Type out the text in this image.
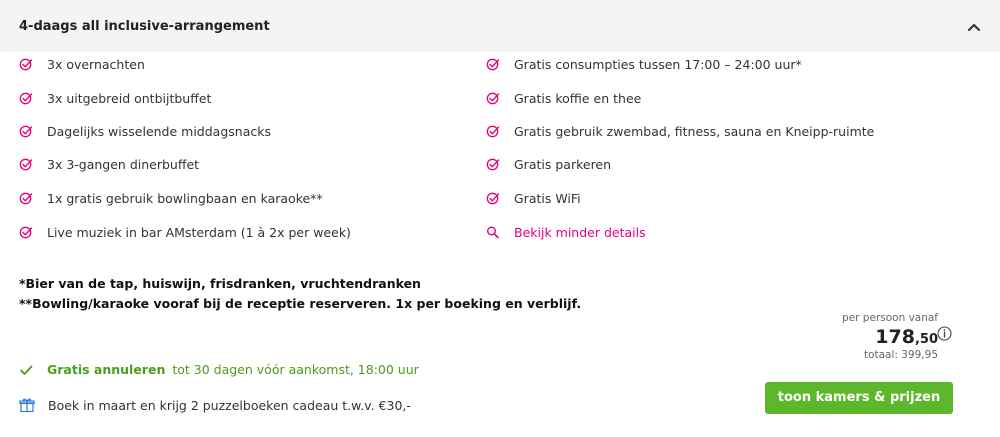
4-daags all inclusive-arrangement
3x overnachten
3x uitgebreid ontbijtbuffet
Dagelijks wisselende middagsnacks
3x 3-gangen dinerbuffet
1x gratis gebruik bowlingbaan en karaoke**
Live muziek in bar AMsterdam (1 à 2x per week)
Gratis consumpties tussen 17:00 – 24:00 uur*
Gratis koffie en thee
Gratis gebruik zwembad, fitness, sauna en Kneipp-ruimte
Gratis parkeren
Gratis WiFi
Bekijk minder details
*Bier van de tap, huiswijn, frisdranken, vruchtendranken
**Bowling/karaoke vooraf bij de receptie reserveren. 1x per boeking en verblijf.
per persoon vanaf
178,50
totaal: 399,95
Gratis annuleren tot 30 dagen vóór aankomst, 18:00 uur
Boek in maart en krijg 2 puzzelboeken cadeau t.w.v. €30,-	toon kamers & prijzen
